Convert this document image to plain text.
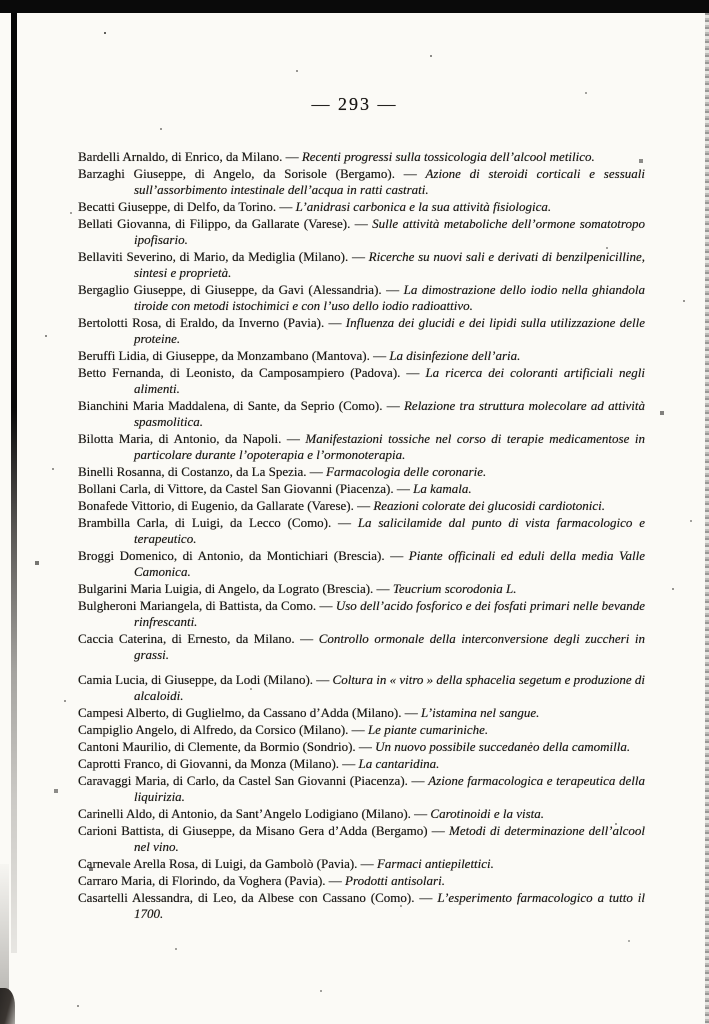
— 293 —

Bardelli Arnaldo, di Enrico, da Milano. — Recenti progressi sulla tossicologia dell’alcool metilico.

Barzaghi Giuseppe, di Angelo, da Sorisole (Bergamo). — Azione di steroidi corticali e sessuali sull’assorbimento intestinale dell’acqua in ratti castrati.

Becatti Giuseppe, di Delfo, da Torino. — L’anidrasi carbonica e la sua attività fisiologica.

Bellati Giovanna, di Filippo, da Gallarate (Varese). — Sulle attività metaboliche dell’ormone somatotropo ipofisario.

Bellaviti Severino, di Mario, da Mediglia (Milano). — Ricerche su nuovi sali e derivati di benzilpenicilline, sintesi e proprietà.

Bergaglio Giuseppe, di Giuseppe, da Gavi (Alessandria). — La dimostrazione dello iodio nella ghiandola tiroide con metodi istochimici e con l’uso dello iodio radioattivo.

Bertolotti Rosa, di Eraldo, da Inverno (Pavia). — Influenza dei glucidi e dei lipidi sulla utilizzazione delle proteine.

Beruffi Lidia, di Giuseppe, da Monzambano (Mantova). — La disinfezione dell’aria.

Betto Fernanda, di Leonisto, da Camposampiero (Padova). — La ricerca dei coloranti artificiali negli alimenti.

Bianchini Maria Maddalena, di Sante, da Seprio (Como). — Relazione tra struttura molecolare ad attività spasmolitica.

Bilotta Maria, di Antonio, da Napoli. — Manifestazioni tossiche nel corso di terapie medicamentose in particolare durante l’opoterapia e l’ormonoterapia.

Binelli Rosanna, di Costanzo, da La Spezia. — Farmacologia delle coronarie.

Bollani Carla, di Vittore, da Castel San Giovanni (Piacenza). — La kamala.

Bonafede Vittorio, di Eugenio, da Gallarate (Varese). — Reazioni colorate dei glucosidi cardiotonici.

Brambilla Carla, di Luigi, da Lecco (Como). — La salicilamide dal punto di vista farmacologico e terapeutico.

Broggi Domenico, di Antonio, da Montichiari (Brescia). — Piante officinali ed eduli della media Valle Camonica.

Bulgarini Maria Luigia, di Angelo, da Lograto (Brescia). — Teucrium scorodonia L.

Bulgheroni Mariangela, di Battista, da Como. — Uso dell’acido fosforico e dei fosfati primari nelle bevande rinfrescanti.

Caccia Caterina, di Ernesto, da Milano. — Controllo ormonale della interconversione degli zuccheri in grassi.

Camia Lucia, di Giuseppe, da Lodi (Milano). — Coltura in « vitro » della sphacelia segetum e produzione di alcaloidi.

Campesi Alberto, di Guglielmo, da Cassano d’Adda (Milano). — L’istamina nel sangue.

Campiglio Angelo, di Alfredo, da Corsico (Milano). — Le piante cumariniche.

Cantoni Maurilio, di Clemente, da Bormio (Sondrio). — Un nuovo possibile succedaneo della camomilla.

Caprotti Franco, di Giovanni, da Monza (Milano). — La cantaridina.

Caravaggi Maria, di Carlo, da Castel San Giovanni (Piacenza). — Azione farmacologica e terapeutica della liquirizia.

Carinelli Aldo, di Antonio, da Sant’Angelo Lodigiano (Milano). — Carotinoidi e la vista.

Carioni Battista, di Giuseppe, da Misano Gera d’Adda (Bergamo) — Metodi di determinazione dell’alcool nel vino.

Carnevale Arella Rosa, di Luigi, da Gambolò (Pavia). — Farmaci antiepilettici.

Carraro Maria, di Florindo, da Voghera (Pavia). — Prodotti antisolari.

Casartelli Alessandra, di Leo, da Albese con Cassano (Como). — L’esperimento farmacologico a tutto il 1700.
